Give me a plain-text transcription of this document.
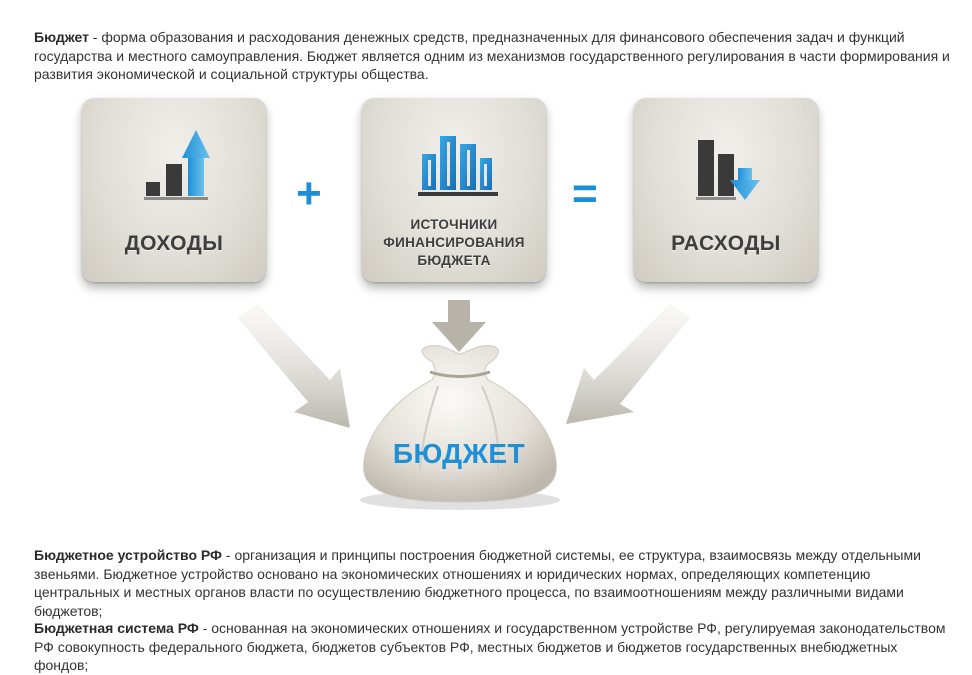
Бюджет - форма образования и расходования денежных средств, предназначенных для финансового обеспечения задач и функций государства и местного самоуправления. Бюджет является одним из механизмов государственного регулирования в части формирования и развития экономической и социальной структуры общества.

ДОХОДЫ
+
ИСТОЧНИКИ ФИНАНСИРОВАНИЯ БЮДЖЕТА
=
РАСХОДЫ
БЮДЖЕТ

Бюджетное устройство РФ - организация и принципы построения бюджетной системы, ее структура, взаимосвязь между отдельными звеньями. Бюджетное устройство основано на экономических отношениях и юридических нормах, определяющих компетенцию центральных и местных органов власти по осуществлению бюджетного процесса, по взаимоотношениям между различными видами бюджетов;

Бюджетная система РФ - основанная на экономических отношениях и государственном устройстве РФ, регулируемая законодательством РФ совокупность федерального бюджета, бюджетов субъектов РФ, местных бюджетов и бюджетов государственных внебюджетных фондов;
